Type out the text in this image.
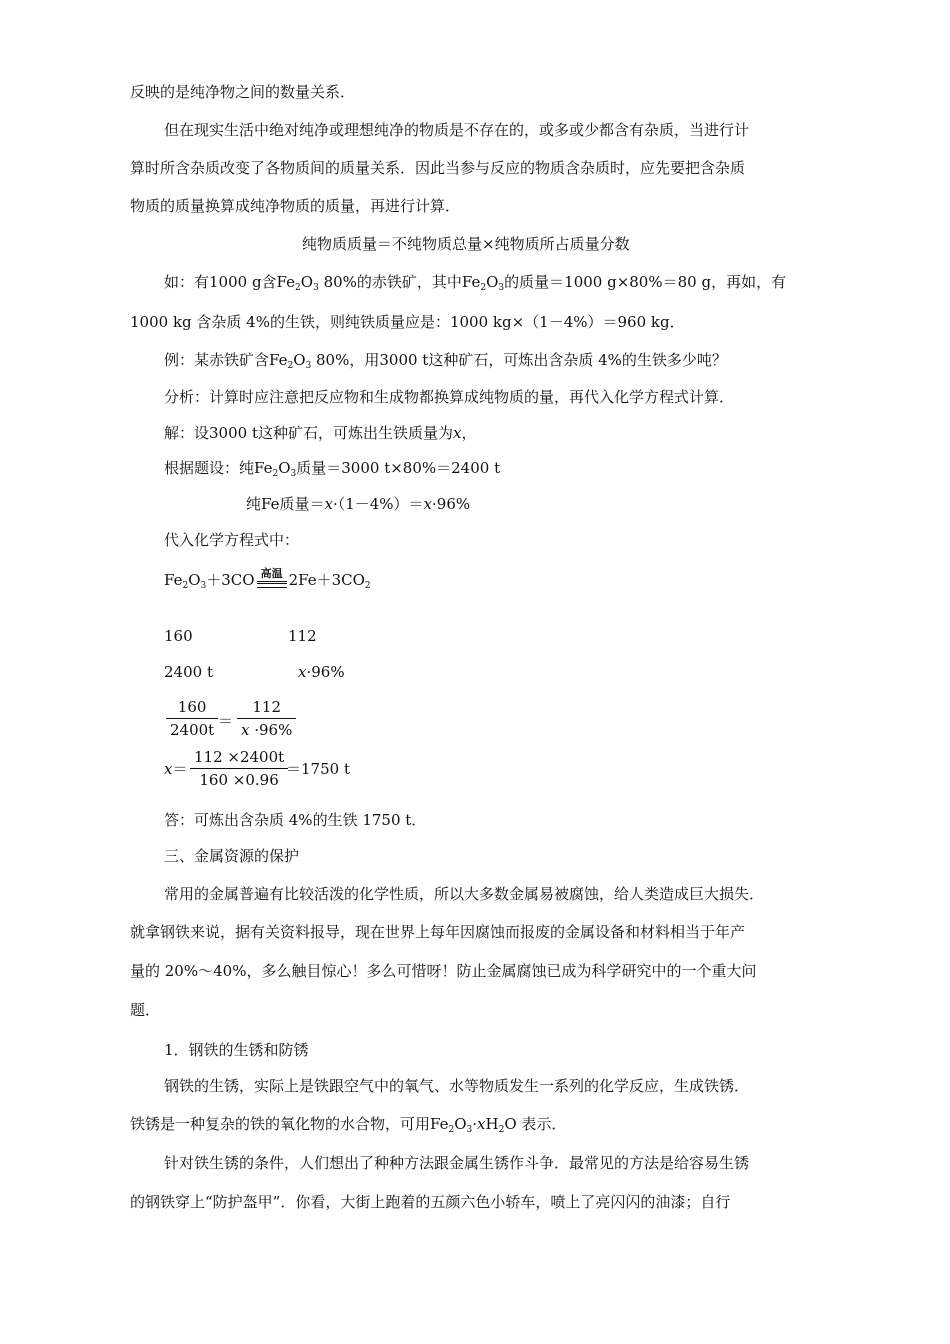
反映的是纯净物之间的数量关系．
但在现实生活中绝对纯净或理想纯净的物质是不存在的，或多或少都含有杂质，当进行计
算时所含杂质改变了各物质间的质量关系．因此当参与反应的物质含杂质时，应先要把含杂质
物质的质量换算成纯净物质的质量，再进行计算．
纯物质质量＝不纯物质总量×纯物质所占质量分数
如：有1000 g含$Fe_2O_3$ 80%的赤铁矿，其中$Fe_2O_3$的质量＝1000 g×80%＝80 g，再如，有
1000 kg 含杂质 4%的生铁，则纯铁质量应是：1000 kg×（1－4%）＝960 kg．
例：某赤铁矿含$Fe_2O_3$ 80%，用3000 t这种矿石，可炼出含杂质 4%的生铁多少吨？
分析：计算时应注意把反应物和生成物都换算成纯物质的量，再代入化学方程式计算．
解：设3000 t这种矿石，可炼出生铁质量为x，
根据题设：纯$Fe_2O_3$质量＝3000 t×80%＝2400 t
纯Fe质量＝x·（1－4%）＝x·96%
代入化学方程式中：
$Fe_2O_3+3CO$ 高温 $2Fe+3CO_2$
160	112
2400 t	x·96%
160
2400t ＝
112
x ·96%
x＝
112 ×2400t
160 ×0.96
＝1750 t
答：可炼出含杂质 4%的生铁 1750 t．
三、金属资源的保护
常用的金属普遍有比较活泼的化学性质，所以大多数金属易被腐蚀，给人类造成巨大损失．
就拿钢铁来说，据有关资料报导，现在世界上每年因腐蚀而报废的金属设备和材料相当于年产
量的 20%～40%，多么触目惊心！多么可惜呀！防止金属腐蚀已成为科学研究中的一个重大问
题．
1．钢铁的生锈和防锈
钢铁的生锈，实际上是铁跟空气中的氧气、水等物质发生一系列的化学反应，生成铁锈．
铁锈是一种复杂的铁的氧化物的水合物，可用$Fe_2O_3\cdot xH_2O$ 表示．
针对铁生锈的条件，人们想出了种种方法跟金属生锈作斗争．最常见的方法是给容易生锈
的钢铁穿上“防护盔甲”．你看，大街上跑着的五颜六色小轿车，喷上了亮闪闪的油漆；自行
